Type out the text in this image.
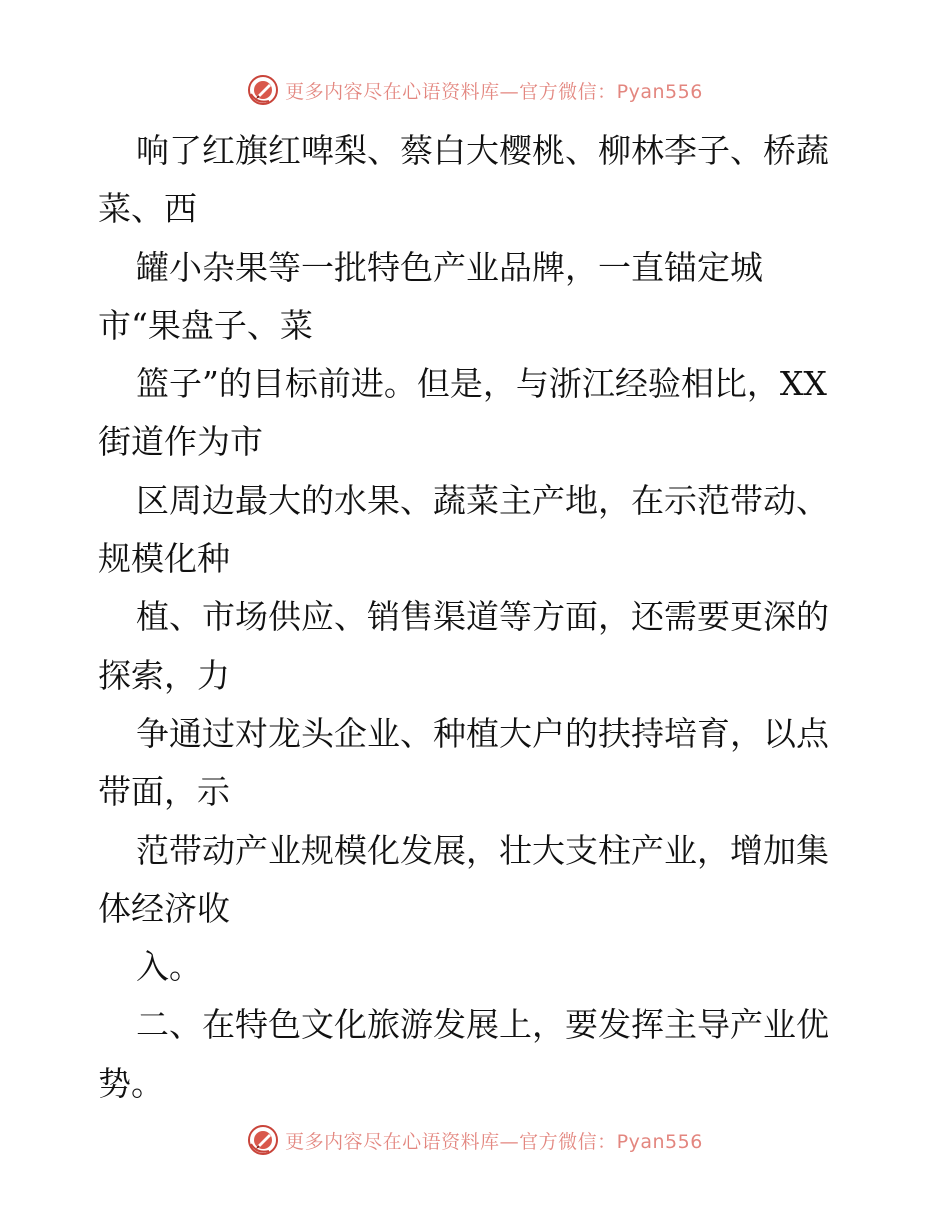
更多内容尽在心语资料库—官方微信：Pyan556
响了红旗红啤梨、蔡白大樱桃、柳林李子、桥蔬
菜、西
罐小杂果等一批特色产业品牌，一直锚定城
市“果盘子、菜
篮子”的目标前进。但是，与浙江经验相比，XX
街道作为市
区周边最大的水果、蔬菜主产地，在示范带动、
规模化种
植、市场供应、销售渠道等方面，还需要更深的
探索，力
争通过对龙头企业、种植大户的扶持培育，以点
带面，示
范带动产业规模化发展，壮大支柱产业，增加集
体经济收
入。
二、在特色文化旅游发展上，要发挥主导产业优
势。
更多内容尽在心语资料库—官方微信：Pyan556
